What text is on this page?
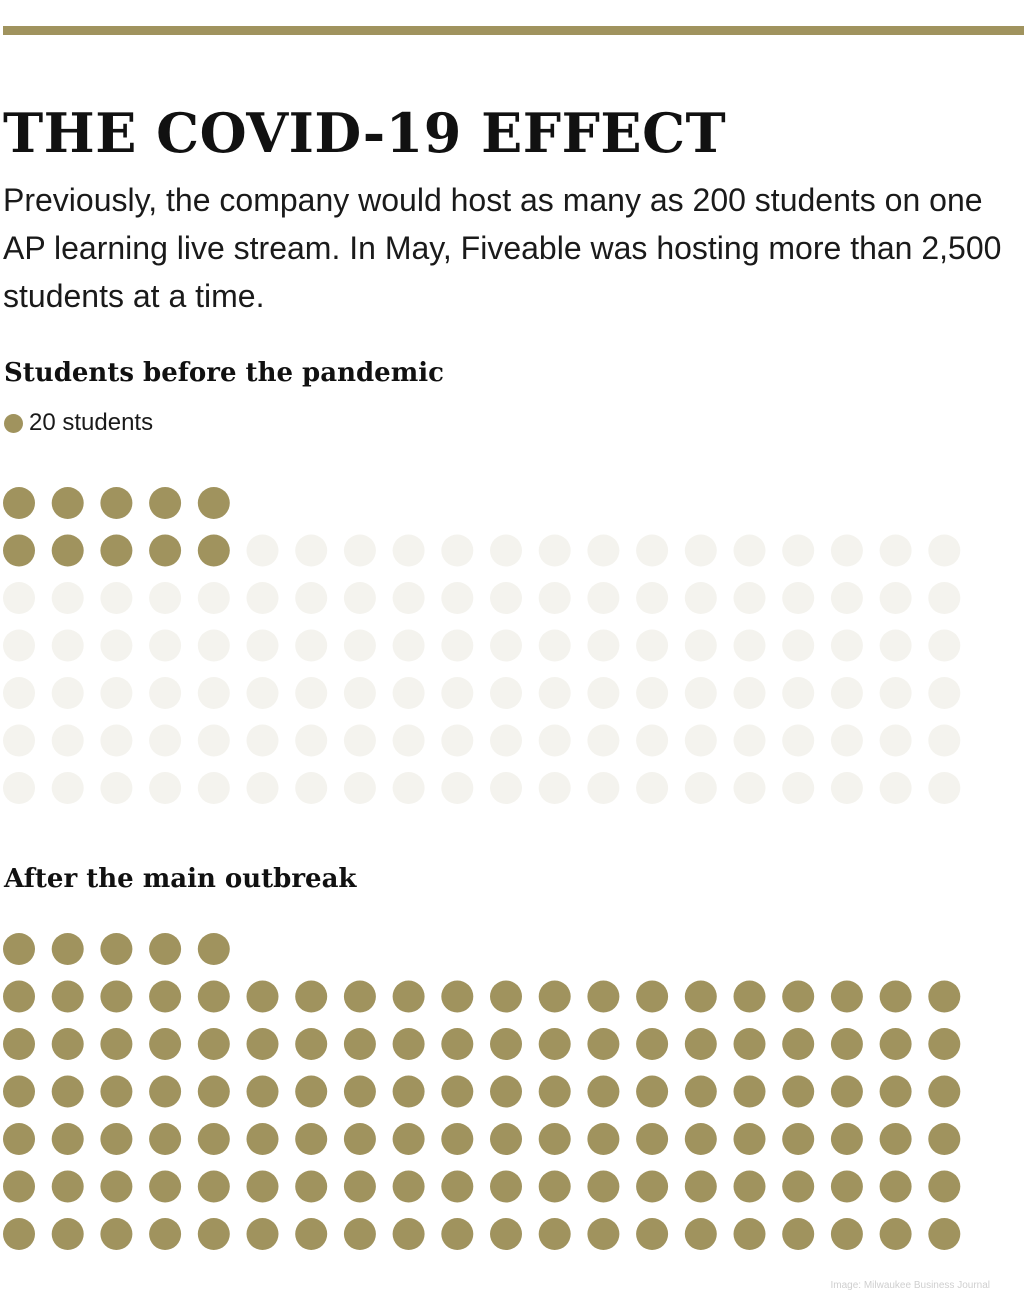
THE COVID-19 EFFECT

Previously, the company would host as many as 200 students on one AP learning live stream. In May, Fiveable was hosting more than 2,500 students at a time.

Students before the pandemic
20 students
After the main outbreak
Image: Milwaukee Business Journal
